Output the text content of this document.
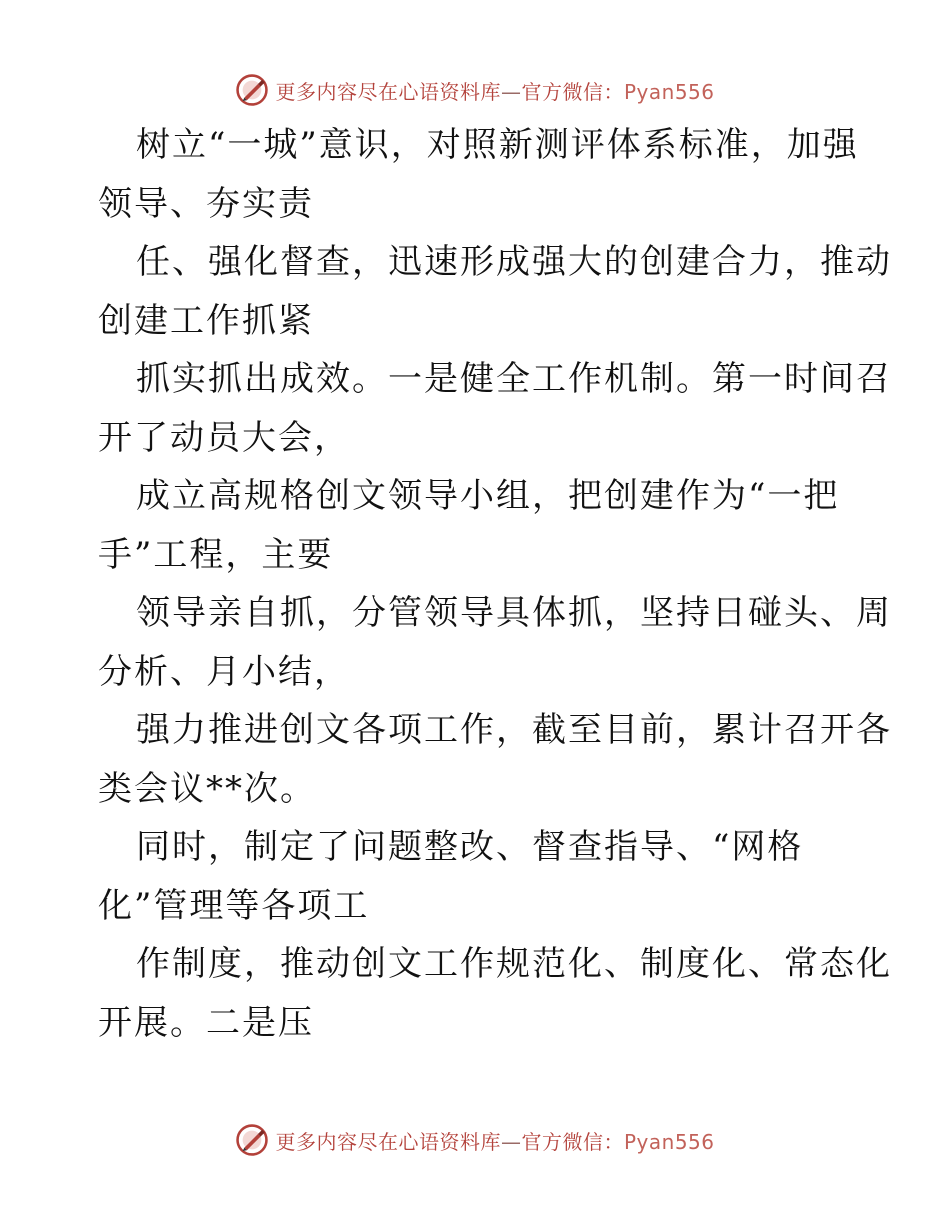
更多内容尽在心语资料库—官方微信：Pyan556
树立“一城”意识，对照新测评体系标准，加强
领导、夯实责
任、强化督查，迅速形成强大的创建合力，推动
创建工作抓紧
抓实抓出成效。一是健全工作机制。第一时间召
开了动员大会，
成立高规格创文领导小组，把创建作为“一把
手”工程，主要
领导亲自抓，分管领导具体抓，坚持日碰头、周
分析、月小结，
强力推进创文各项工作，截至目前，累计召开各
类会议**次。
同时，制定了问题整改、督查指导、“网格
化”管理等各项工
作制度，推动创文工作规范化、制度化、常态化
开展。二是压
更多内容尽在心语资料库—官方微信：Pyan556
